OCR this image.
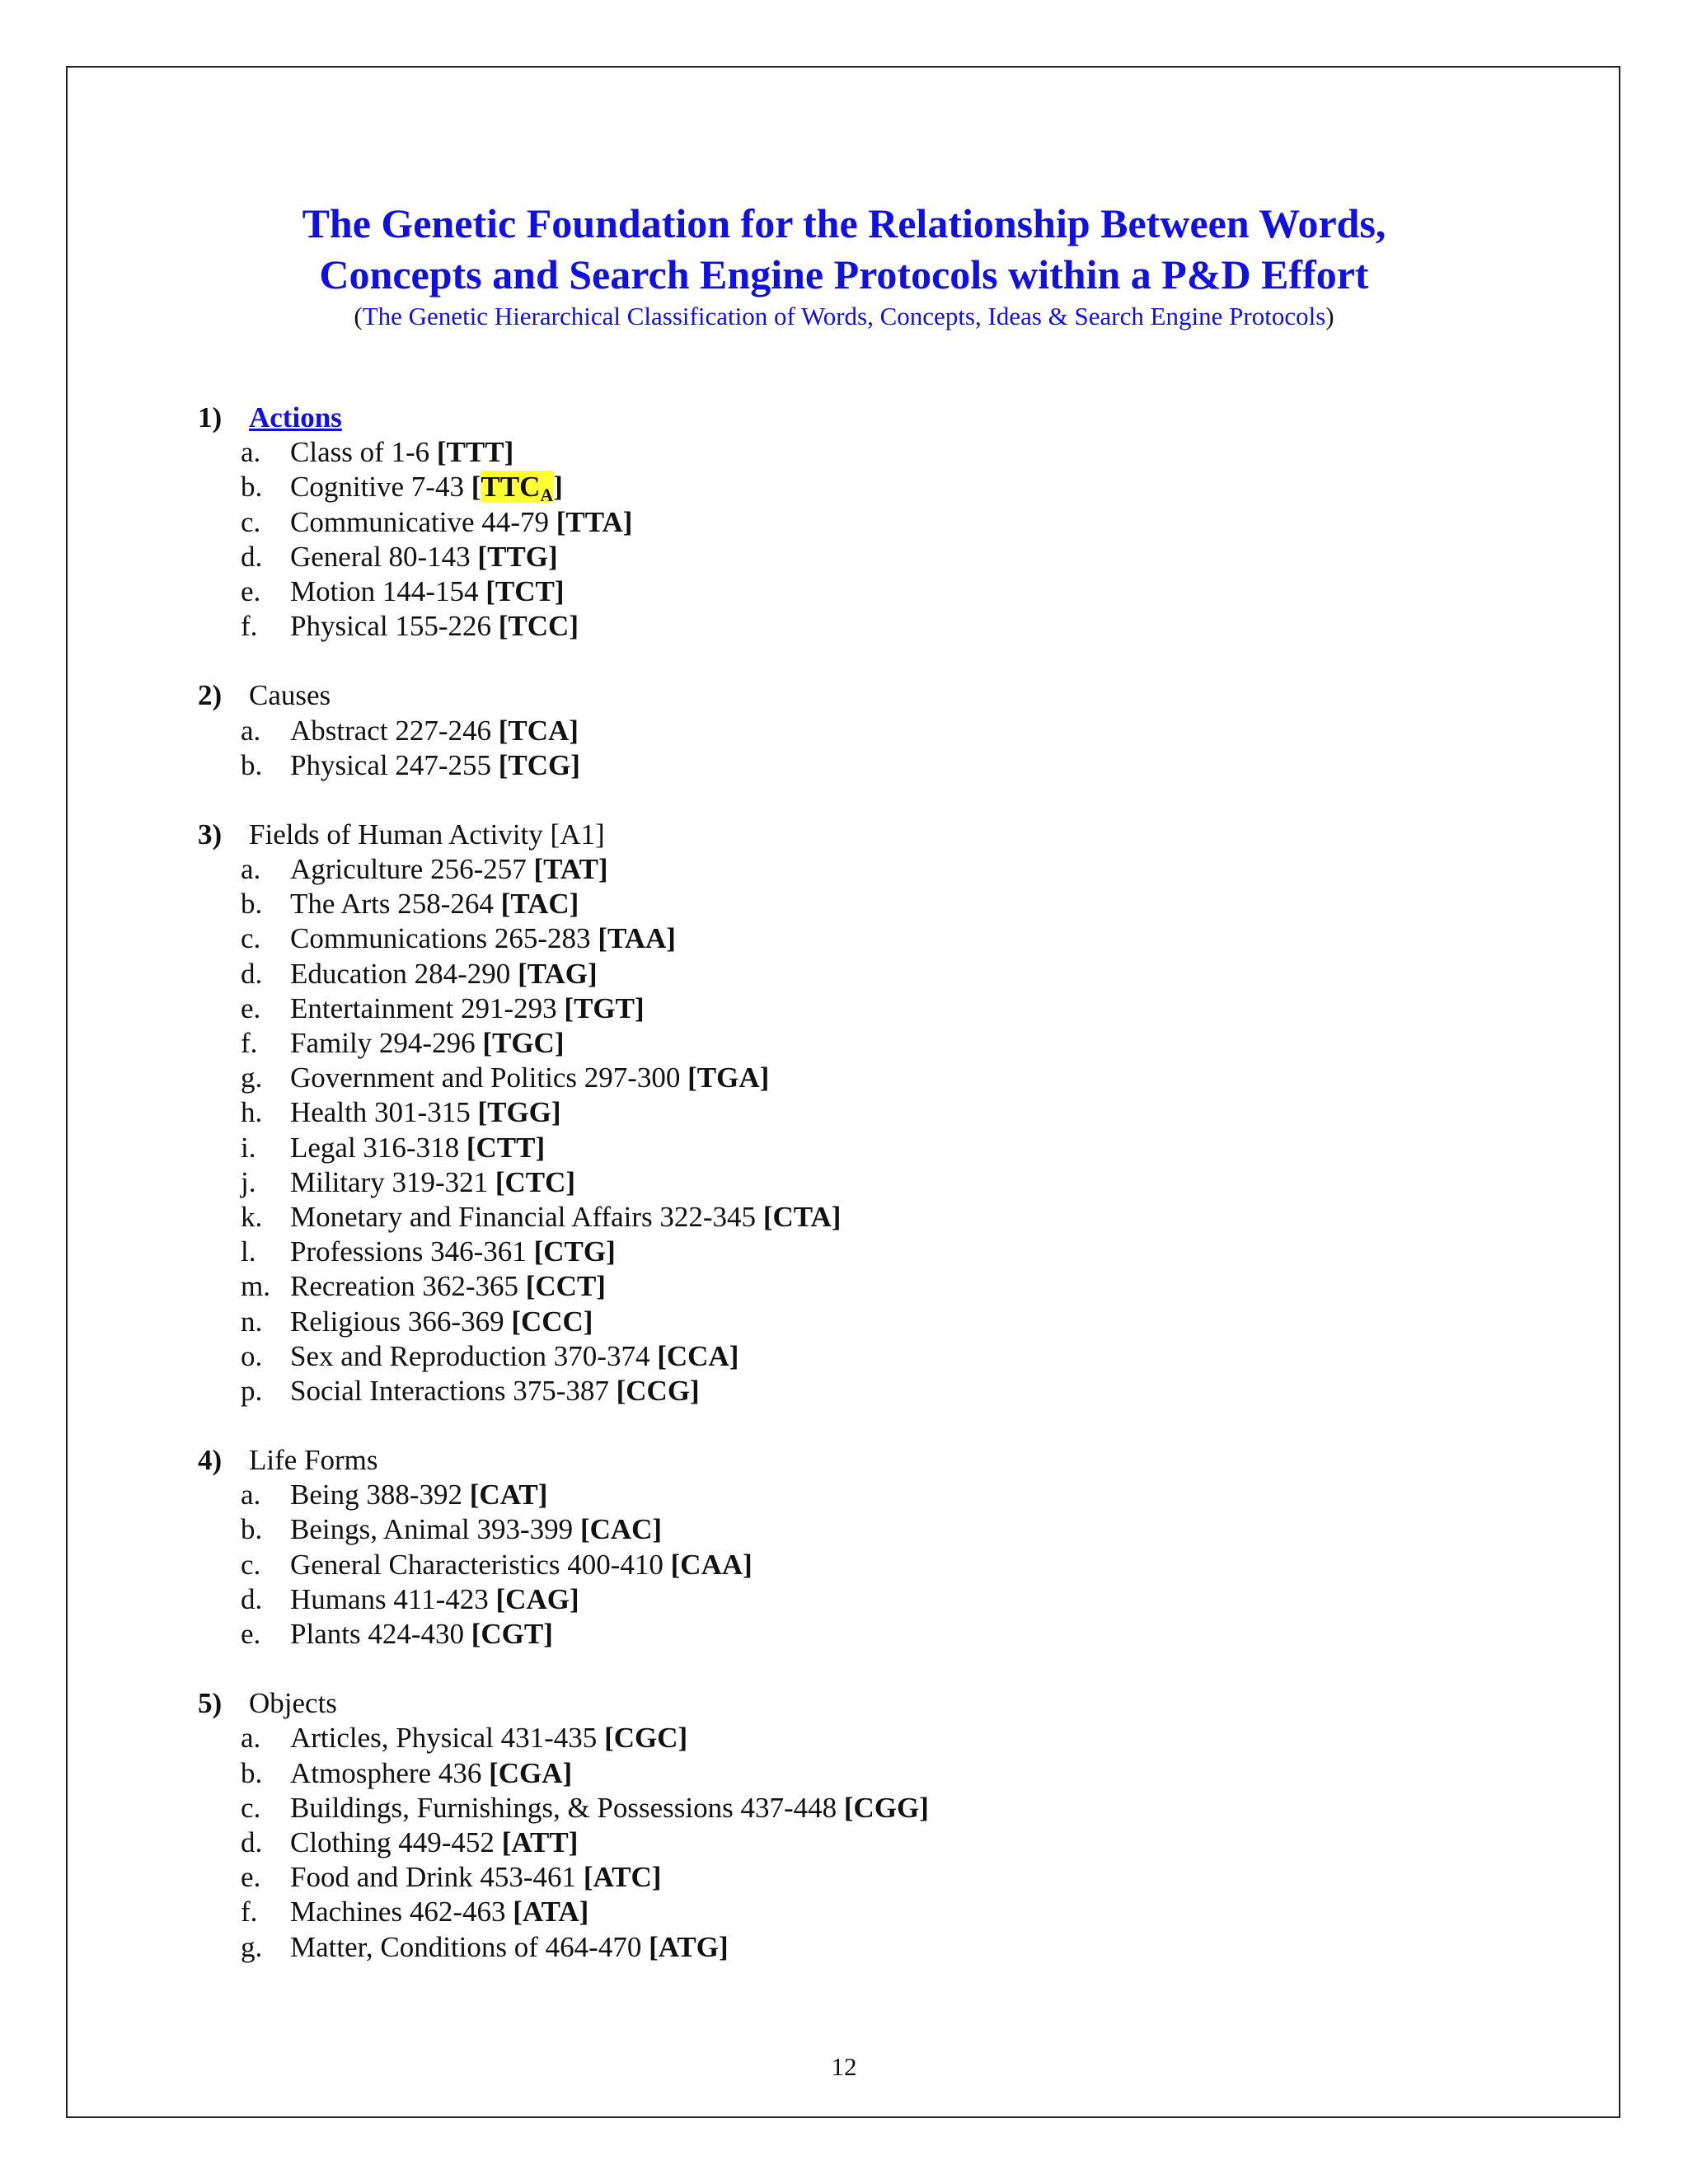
The Genetic Foundation for the Relationship Between Words,

Concepts and Search Engine Protocols within a P&D Effort

(The Genetic Hierarchical Classification of Words, Concepts, Ideas & Search Engine Protocols)
1) Actions
a. Class of 1-6 [TTT]
b. Cognitive 7-43 [TTCA]
c. Communicative 44-79 [TTA]
d. General 80-143 [TTG]
e. Motion 144-154 [TCT]
f. Physical 155-226 [TCC]
2) Causes
a. Abstract 227-246 [TCA]
b. Physical 247-255 [TCG]
3) Fields of Human Activity [A1]
a. Agriculture 256-257 [TAT]
b. The Arts 258-264 [TAC]
c. Communications 265-283 [TAA]
d. Education 284-290 [TAG]
e. Entertainment 291-293 [TGT]
f. Family 294-296 [TGC]
g. Government and Politics 297-300 [TGA]
h. Health 301-315 [TGG]
i. Legal 316-318 [CTT]
j. Military 319-321 [CTC]
k. Monetary and Financial Affairs 322-345 [CTA]
l. Professions 346-361 [CTG]
m. Recreation 362-365 [CCT]
n. Religious 366-369 [CCC]
o. Sex and Reproduction 370-374 [CCA]
p. Social Interactions 375-387 [CCG]
4) Life Forms
a. Being 388-392 [CAT]
b. Beings, Animal 393-399 [CAC]
c. General Characteristics 400-410 [CAA]
d. Humans 411-423 [CAG]
e. Plants 424-430 [CGT]
5) Objects
a. Articles, Physical 431-435 [CGC]
b. Atmosphere 436 [CGA]
c. Buildings, Furnishings, & Possessions 437-448 [CGG]
d. Clothing 449-452 [ATT]
e. Food and Drink 453-461 [ATC]
f. Machines 462-463 [ATA]
g. Matter, Conditions of 464-470 [ATG]
12
